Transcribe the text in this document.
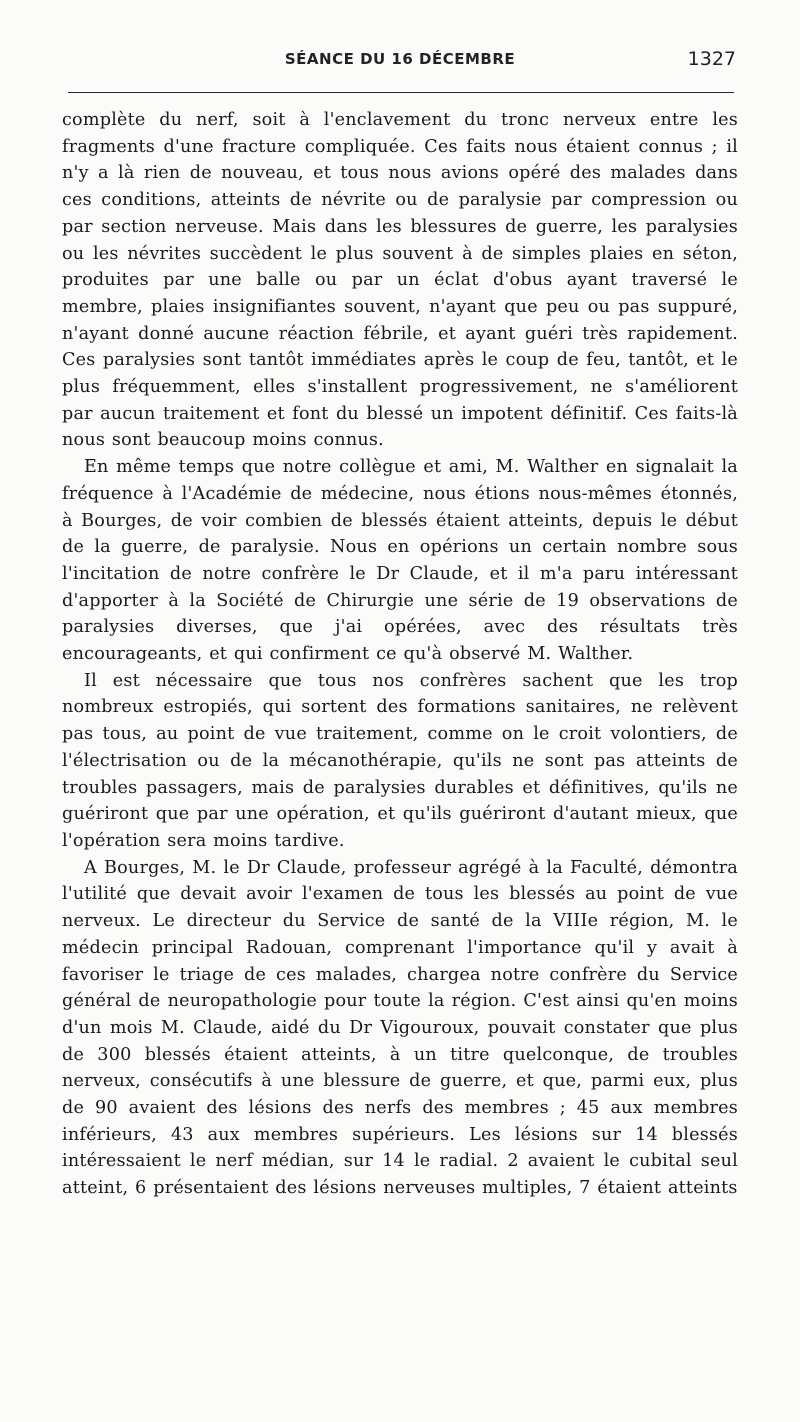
SÉANCE DU 16 DÉCEMBRE	1327

complète du nerf, soit à l'enclavement du tronc nerveux entre les fragments d'une fracture compliquée. Ces faits nous étaient connus ; il n'y a là rien de nouveau, et tous nous avions opéré des malades dans ces conditions, atteints de névrite ou de paralysie par compression ou par section nerveuse. Mais dans les blessures de guerre, les paralysies ou les névrites succèdent le plus souvent à de simples plaies en séton, produites par une balle ou par un éclat d'obus ayant traversé le membre, plaies insignifiantes souvent, n'ayant que peu ou pas suppuré, n'ayant donné aucune réaction fébrile, et ayant guéri très rapidement. Ces paralysies sont tantôt immédiates après le coup de feu, tantôt, et le plus fréquemment, elles s'installent progressivement, ne s'améliorent par aucun traitement et font du blessé un impotent définitif. Ces faits-là nous sont beaucoup moins connus.

En même temps que notre collègue et ami, M. Walther en signalait la fréquence à l'Académie de médecine, nous étions nous-mêmes étonnés, à Bourges, de voir combien de blessés étaient atteints, depuis le début de la guerre, de paralysie. Nous en opérions un certain nombre sous l'incitation de notre confrère le Dr Claude, et il m'a paru intéressant d'apporter à la Société de Chirurgie une série de 19 observations de paralysies diverses, que j'ai opérées, avec des résultats très encourageants, et qui confirment ce qu'à observé M. Walther.

Il est nécessaire que tous nos confrères sachent que les trop nombreux estropiés, qui sortent des formations sanitaires, ne relèvent pas tous, au point de vue traitement, comme on le croit volontiers, de l'électrisation ou de la mécanothérapie, qu'ils ne sont pas atteints de troubles passagers, mais de paralysies durables et définitives, qu'ils ne guériront que par une opération, et qu'ils guériront d'autant mieux, que l'opération sera moins tardive.

A Bourges, M. le Dr Claude, professeur agrégé à la Faculté, démontra l'utilité que devait avoir l'examen de tous les blessés au point de vue nerveux. Le directeur du Service de santé de la VIIIe région, M. le médecin principal Radouan, comprenant l'importance qu'il y avait à favoriser le triage de ces malades, chargea notre confrère du Service général de neuropathologie pour toute la région. C'est ainsi qu'en moins d'un mois M. Claude, aidé du Dr Vigouroux, pouvait constater que plus de 300 blessés étaient atteints, à un titre quelconque, de troubles nerveux, consécutifs à une blessure de guerre, et que, parmi eux, plus de 90 avaient des lésions des nerfs des membres ; 45 aux membres inférieurs, 43 aux membres supérieurs. Les lésions sur 14 blessés intéressaient le nerf médian, sur 14 le radial. 2 avaient le cubital seul atteint, 6 présentaient des lésions nerveuses multiples, 7 étaient atteints
